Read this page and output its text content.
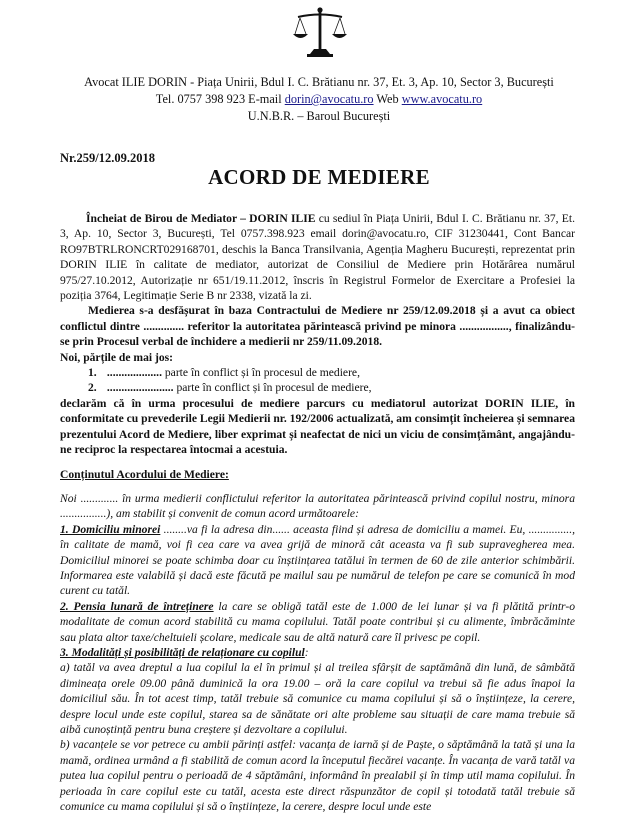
Avocat ILIE DORIN - Piața Unirii, Bdul I. C. Brătianu nr. 37, Et. 3, Ap. 10, Sector 3, București
Tel. 0757 398 923 E-mail dorin@avocatu.ro Web www.avocatu.ro
U.N.B.R. – Baroul București
Nr.259/12.09.2018
ACORD DE MEDIERE

Încheiat de Birou de Mediator – DORIN ILIE cu sediul în Piața Unirii, Bdul I. C. Brătianu nr. 37, Et. 3, Ap. 10, Sector 3, București, Tel 0757.398.923 email dorin@avocatu.ro, CIF 31230441, Cont Bancar RO97BTRLRONCRT029168701, deschis la Banca Transilvania, Agenția Magheru București, reprezentat prin DORIN ILIE în calitate de mediator, autorizat de Consiliul de Mediere prin Hotărârea numărul 975/27.10.2012, Autorizație nr 651/19.11.2012, înscris în Registrul Formelor de Exercitare a Profesiei la poziția 3764, Legitimație Serie B nr 2338, vizată la zi.

Medierea s-a desfășurat în baza Contractului de Mediere nr 259/12.09.2018 și a avut ca obiect conflictul dintre .............. referitor la autoritatea părintească privind pe minora ................., finalizându-se prin Procesul verbal de închidere a medierii nr 259/11.09.2018.

Noi, părțile de mai jos:

1. ................... parte în conflict și în procesul de mediere,
2. ....................... parte în conflict și în procesul de mediere,

declarăm că în urma procesului de mediere parcurs cu mediatorul autorizat DORIN ILIE, în conformitate cu prevederile Legii Medierii nr. 192/2006 actualizată, am consimțit încheierea și semnarea prezentului Acord de Mediere, liber exprimat și neafectat de nici un viciu de consimțământ, angajându-ne reciproc la respectarea întocmai a acestuia.

Conținutul Acordului de Mediere:

Noi ............. în urma medierii conflictului referitor la autoritatea părintească privind copilul nostru, minora ................), am stabilit și convenit de comun acord următoarele:

1. Domiciliu minorei ........va fi la adresa din...... aceasta fiind și adresa de domiciliu a mamei. Eu, ..............., în calitate de mamă, voi fi cea care va avea grijă de minoră cât aceasta va fi sub supravegherea mea. Domiciliul minorei se poate schimba doar cu înștiințarea tatălui în termen de 60 de zile anterior schimbării. Informarea este valabilă și dacă este făcută pe mailul sau pe numărul de telefon pe care se comunică în mod curent cu tatăl.

2. Pensia lunară de întreținere la care se obligă tatăl este de 1.000 de lei lunar și va fi plătită printr-o modalitate de comun acord stabilită cu mama copilului. Tatăl poate contribui și cu alimente, îmbrăcăminte sau plata altor taxe/cheltuieli școlare, medicale sau de altă natură care îl privesc pe copil.

3. Modalități și posibilități de relaționare cu copilul:

a) tatăl va avea dreptul a lua copilul la el în primul și al treilea sfârșit de saptămână din lună, de sâmbătă dimineața orele 09.00 până duminică la ora 19.00 – oră la care copilul va trebui să fie adus înapoi la domiciliul său. În tot acest timp, tatăl trebuie să comunice cu mama copilului și să o înștiințeze, la cerere, despre locul unde este copilul, starea sa de sănătate ori alte probleme sau situații de care mama trebuie să aibă cunoștință pentru buna creștere și dezvoltare a copilului.

b) vacanțele se vor petrece cu ambii părinți astfel: vacanța de iarnă și de Paște, o săptămână la tată și una la mamă, ordinea urmând a fi stabilită de comun acord la începutul fiecărei vacanțe. În vacanța de vară tatăl va putea lua copilul pentru o perioadă de 4 săptămâni, informând în prealabil și în timp util mama copilului. În perioada în care copilul este cu tatăl, acesta este direct răspunzător de copil și totodată tatăl trebuie să comunice cu mama copilului și să o înștiințeze, la cerere, despre locul unde este
